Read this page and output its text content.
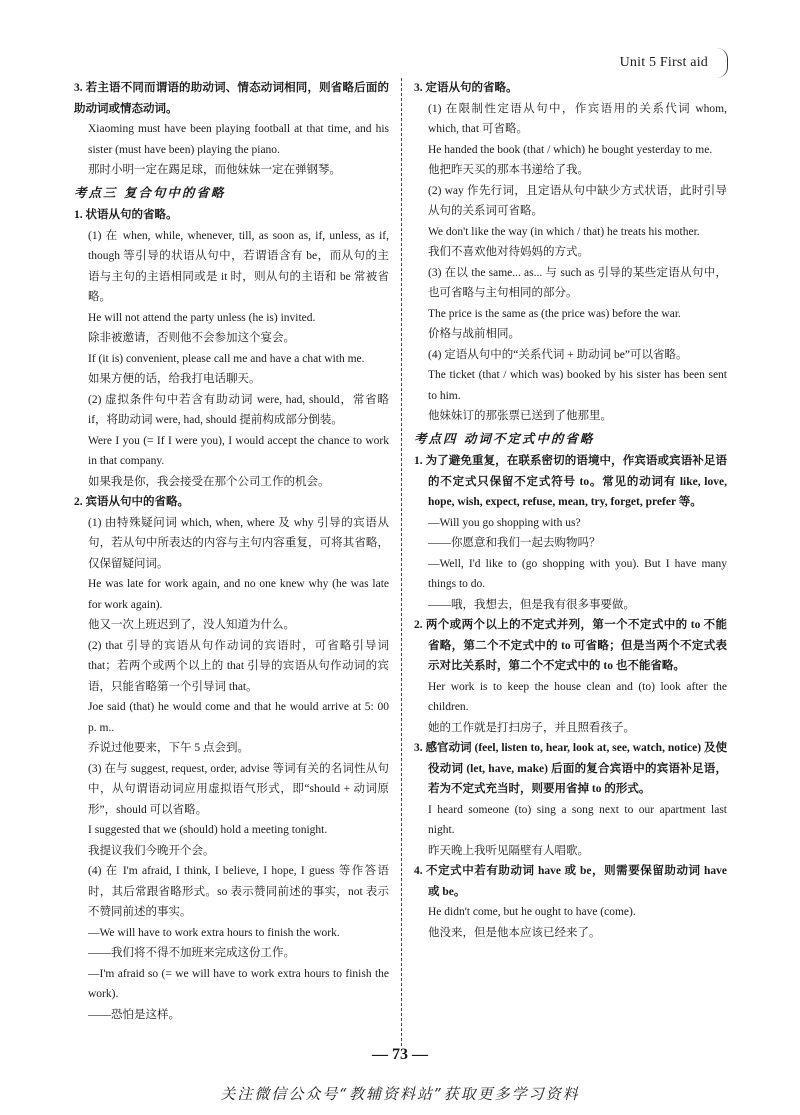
Unit 5 First aid

3. 若主语不同而谓语的助动词、情态动词相同，则省略后面的助动词或情态动词。

Xiaoming must have been playing football at that time, and his sister (must have been) playing the piano.

那时小明一定在踢足球，而他妹妹一定在弹钢琴。

考点三 复合句中的省略

1. 状语从句的省略。

(1) 在 when, while, whenever, till, as soon as, if, unless, as if, though 等引导的状语从句中，若谓语含有 be，而从句的主语与主句的主语相同或是 it 时，则从句的主语和 be 常被省略。

He will not attend the party unless (he is) invited.

除非被邀请，否则他不会参加这个宴会。

If (it is) convenient, please call me and have a chat with me.

如果方便的话，给我打电话聊天。

(2) 虚拟条件句中若含有助动词 were, had, should，常省略 if，将助动词 were, had, should 提前构成部分倒装。

Were I you (= If I were you), I would accept the chance to work in that company.

如果我是你，我会接受在那个公司工作的机会。

2. 宾语从句中的省略。

(1) 由特殊疑问词 which, when, where 及 why 引导的宾语从句，若从句中所表达的内容与主句内容重复，可将其省略，仅保留疑问词。

He was late for work again, and no one knew why (he was late for work again).

他又一次上班迟到了，没人知道为什么。

(2) that 引导的宾语从句作动词的宾语时，可省略引导词 that；若两个或两个以上的 that 引导的宾语从句作动词的宾语，只能省略第一个引导词 that。

Joe said (that) he would come and that he would arrive at 5: 00 p. m..

乔说过他要来，下午 5 点会到。

(3) 在与 suggest, request, order, advise 等词有关的名词性从句中，从句谓语动词应用虚拟语气形式，即“should + 动词原形”，should 可以省略。

I suggested that we (should) hold a meeting tonight.

我提议我们今晚开个会。

(4) 在 I'm afraid, I think, I believe, I hope, I guess 等作答语时，其后常跟省略形式。so 表示赞同前述的事实，not 表示不赞同前述的事实。

—We will have to work extra hours to finish the work.

——我们将不得不加班来完成这份工作。

—I'm afraid so (= we will have to work extra hours to finish the work).

——恐怕是这样。

3. 定语从句的省略。

(1) 在限制性定语从句中，作宾语用的关系代词 whom, which, that 可省略。

He handed the book (that / which) he bought yesterday to me.

他把昨天买的那本书递给了我。

(2) way 作先行词，且定语从句中缺少方式状语，此时引导从句的关系词可省略。

We don't like the way (in which / that) he treats his mother.

我们不喜欢他对待妈妈的方式。

(3) 在以 the same... as... 与 such as 引导的某些定语从句中，也可省略与主句相同的部分。

The price is the same as (the price was) before the war.

价格与战前相同。

(4) 定语从句中的“关系代词 + 助动词 be”可以省略。

The ticket (that / which was) booked by his sister has been sent to him.

他妹妹订的那张票已送到了他那里。

考点四 动词不定式中的省略

1. 为了避免重复，在联系密切的语境中，作宾语或宾语补足语的不定式只保留不定式符号 to。常见的动词有 like, love, hope, wish, expect, refuse, mean, try, forget, prefer 等。

—Will you go shopping with us?

——你愿意和我们一起去购物吗？

—Well, I'd like to (go shopping with you). But I have many things to do.

——哦，我想去，但是我有很多事要做。

2. 两个或两个以上的不定式并列，第一个不定式中的 to 不能省略，第二个不定式中的 to 可省略；但是当两个不定式表示对比关系时，第二个不定式中的 to 也不能省略。

Her work is to keep the house clean and (to) look after the children.

她的工作就是打扫房子，并且照看孩子。

3. 感官动词 (feel, listen to, hear, look at, see, watch, notice) 及使役动词 (let, have, make) 后面的复合宾语中的宾语补足语，若为不定式充当时，则要用省掉 to 的形式。

I heard someone (to) sing a song next to our apartment last night.

昨天晚上我听见隔壁有人唱歌。

4. 不定式中若有助动词 have 或 be，则需要保留助动词 have 或 be。

He didn't come, but he ought to have (come).

他没来，但是他本应该已经来了。

— 73 —
关注微信公众号“教辅资料站”获取更多学习资料
